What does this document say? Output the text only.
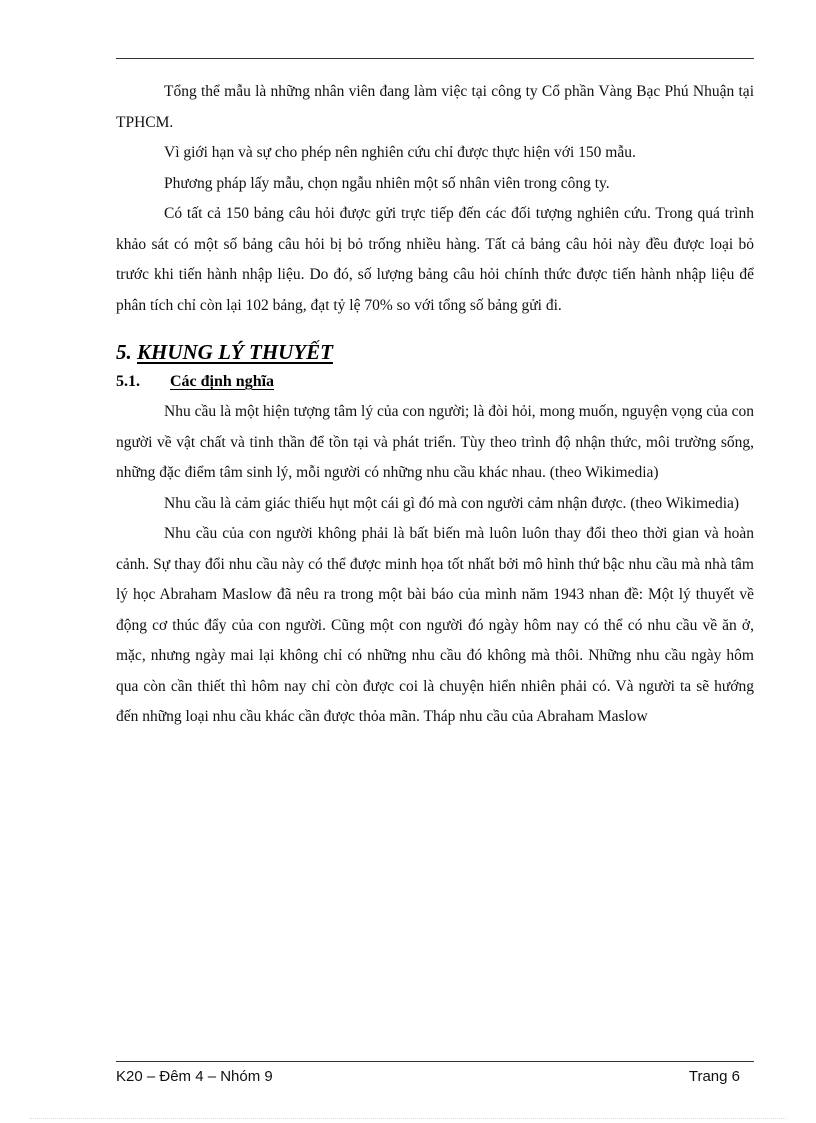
Tổng thể mẫu là những nhân viên đang làm việc tại công ty Cổ phần Vàng Bạc Phú Nhuận tại TPHCM.

Vì giới hạn và sự cho phép nên nghiên cứu chỉ được thực hiện với 150 mẫu.

Phương pháp lấy mẫu, chọn ngẫu nhiên một số nhân viên trong công ty.

Có tất cả 150 bảng câu hỏi được gửi trực tiếp đến các đối tượng nghiên cứu. Trong quá trình khảo sát có một số bảng câu hỏi bị bỏ trống nhiều hàng. Tất cả bảng câu hỏi này đều được loại bỏ trước khi tiến hành nhập liệu. Do đó, số lượng bảng câu hỏi chính thức được tiến hành nhập liệu để phân tích chỉ còn lại 102 bảng, đạt tỷ lệ 70% so với tổng số bảng gửi đi.

5. KHUNG LÝ THUYẾT
5.1. Các định nghĩa

Nhu cầu là một hiện tượng tâm lý của con người; là đòi hỏi, mong muốn, nguyện vọng của con người về vật chất và tinh thần để tồn tại và phát triển. Tùy theo trình độ nhận thức, môi trường sống, những đặc điểm tâm sinh lý, mỗi người có những nhu cầu khác nhau. (theo Wikimedia)

Nhu cầu là cảm giác thiếu hụt một cái gì đó mà con người cảm nhận được. (theo Wikimedia)

Nhu cầu của con người không phải là bất biến mà luôn luôn thay đổi theo thời gian và hoàn cảnh. Sự thay đổi nhu cầu này có thể được minh họa tốt nhất bởi mô hình thứ bậc nhu cầu mà nhà tâm lý học Abraham Maslow đã nêu ra trong một bài báo của mình năm 1943 nhan đề: Một lý thuyết về động cơ thúc đẩy của con người. Cũng một con người đó ngày hôm nay có thể có nhu cầu về ăn ở, mặc, nhưng ngày mai lại không chỉ có những nhu cầu đó không mà thôi. Những nhu cầu ngày hôm qua còn cần thiết thì hôm nay chỉ còn được coi là chuyện hiển nhiên phải có. Và người ta sẽ hướng đến những loại nhu cầu khác cần được thỏa mãn. Tháp nhu cầu của Abraham Maslow

K20 – Đêm 4 – Nhóm 9	Trang 6
